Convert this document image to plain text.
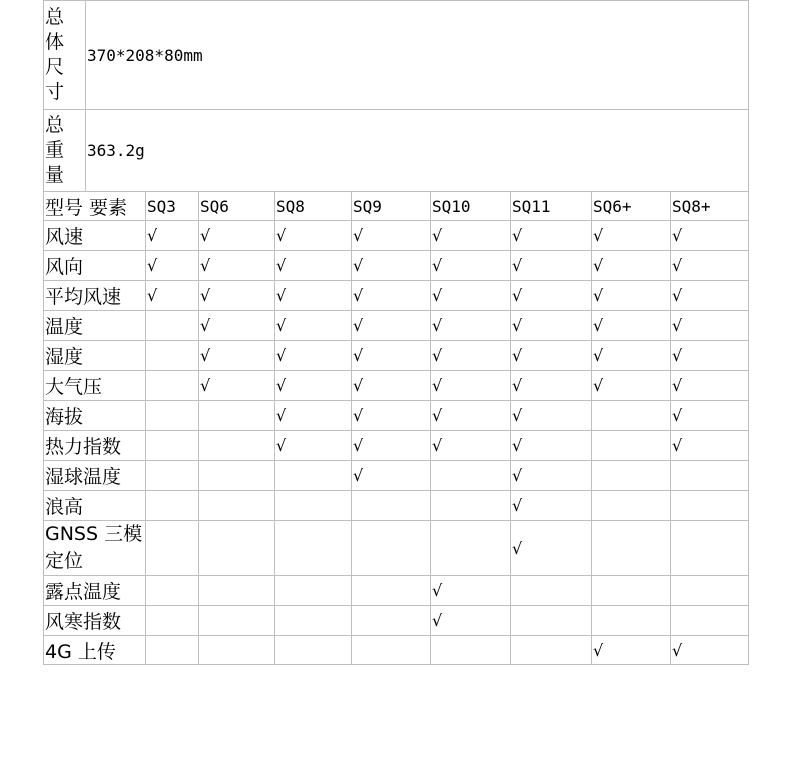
总
体
尺
寸	370*208*80mm								

总
重
量	363.2g								
型号 要素		SQ3	SQ6	SQ8	SQ9	SQ10	SQ11	SQ6+	SQ8+
风速		√	√	√	√	√	√	√	√
风向		√	√	√	√	√	√	√	√
平均风速		√	√	√	√	√	√	√	√
温度			√	√	√	√	√	√	√
湿度			√	√	√	√	√	√	√
大气压			√	√	√	√	√	√	√
海拔				√	√	√	√		√
热力指数				√	√	√	√		√
湿球温度					√		√		
浪高							√		
GNSS 三模
定位							√		
露点温度						√			
风寒指数						√			
4G 上传								√	√
